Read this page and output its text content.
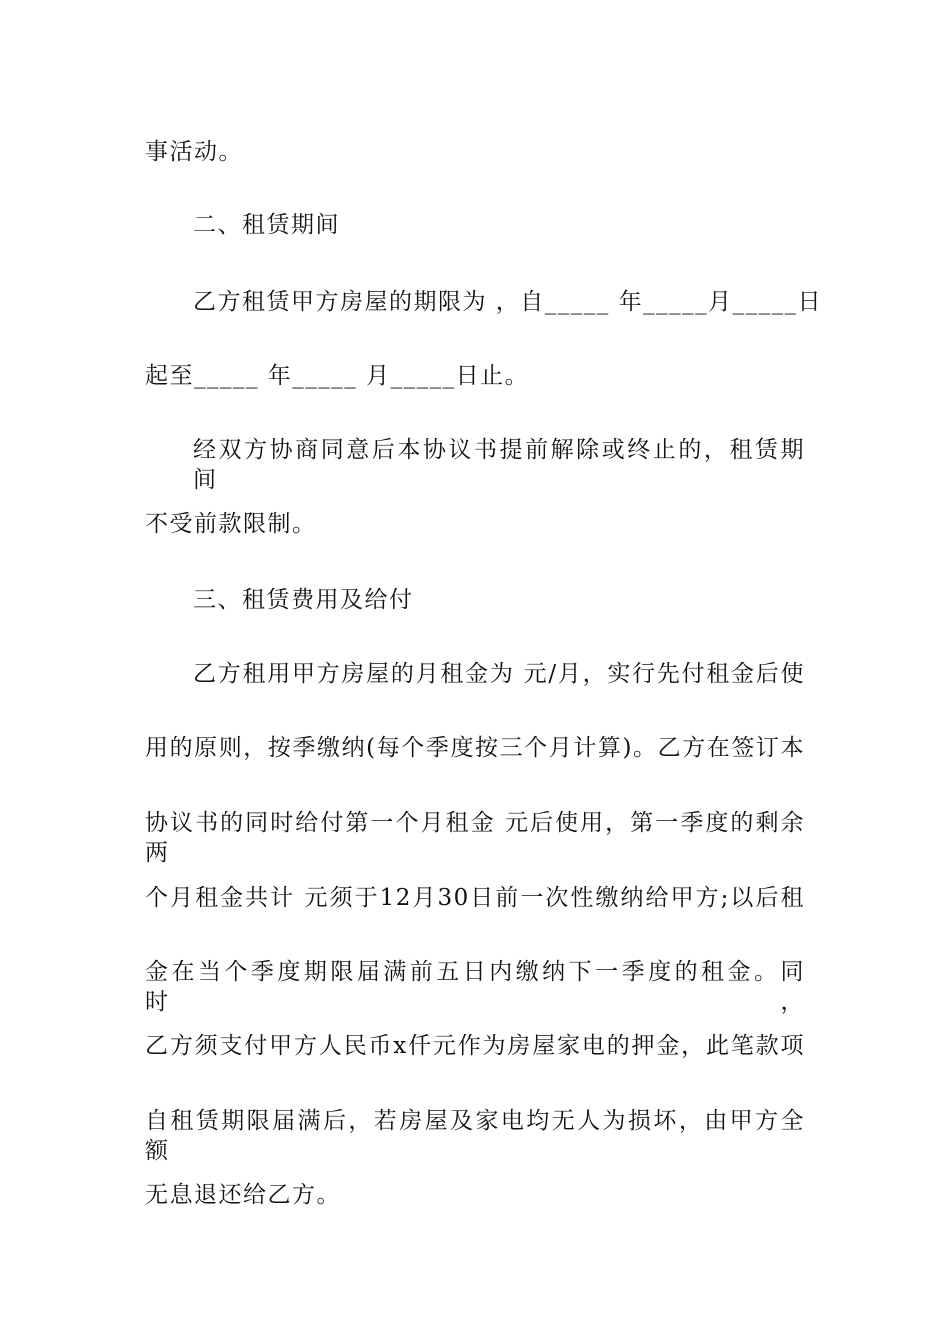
事活动。
二、租赁期间
乙方租赁甲方房屋的期限为 ，自_____ 年_____月_____日
起至_____ 年_____ 月_____日止。
经双方协商同意后本协议书提前解除或终止的，租赁期间
不受前款限制。
三、租赁费用及给付
乙方租用甲方房屋的月租金为 元/月，实行先付租金后使
用的原则，按季缴纳(每个季度按三个月计算)。乙方在签订本
协议书的同时给付第一个月租金 元后使用，第一季度的剩余两
个月租金共计 元须于12月30日前一次性缴纳给甲方;以后租
金在当个季度期限届满前五日内缴纳下一季度的租金。同时，
乙方须支付甲方人民币x仟元作为房屋家电的押金，此笔款项
自租赁期限届满后，若房屋及家电均无人为损坏，由甲方全额
无息退还给乙方。
